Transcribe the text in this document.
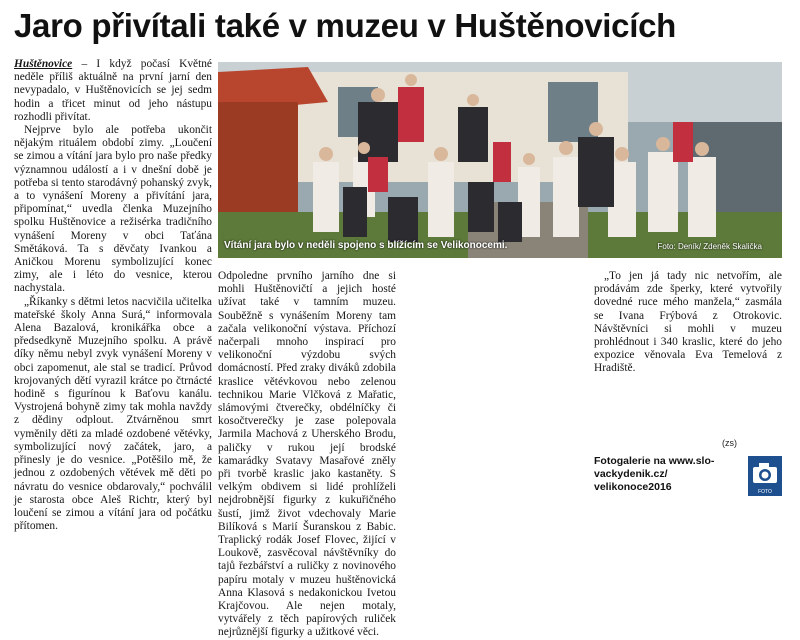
Jaro přivítali také v muzeu v Huštěnovicích

Huštěnovice – I když počasí Květné neděle příliš aktuálně na první jarní den nevypadalo, v Huštěnovicích se jej sedm hodin a třicet minut od jeho nástupu rozhodli přivítat.

Nejprve bylo ale potřeba ukončit nějakým rituálem období zimy. „Loučení se zimou a vítání jara bylo pro naše předky významnou událostí a i v dnešní době je potřeba si tento starodávný pohanský zvyk, a to vynášení Moreny a přivítání jara, připomínat,“ uvedla členka Muzejního spolku Huštěnovice a režisérka tradičního vynášení Moreny v obci Taťána Smětáková. Ta s děvčaty Ivankou a Aničkou Morenu symbolizující konec zimy, ale i léto do vesnice, kterou nachystala.

„Říkanky s dětmi letos nacvičila učitelka mateřské školy Anna Surá,“ informovala Alena Bazalová, kronikářka obce a předsedkyně Muzejního spolku. A právě díky němu nebyl zvyk vynášení Moreny v obci zapomenut, ale stal se tradicí. Průvod krojovaných dětí vyrazil krátce po čtrnácté hodině s figurínou k Baťovu kanálu. Vystrojená bohyně zimy tak mohla navždy z dědiny odplout. Ztvárněnou smrt vyměnily děti za mladé ozdobené větévky, symbolizující nový začátek, jaro, a přinesly je do vesnice. „Potěšilo mě, že jednou z ozdobených větévek mě děti po návratu do vesnice obdarovaly,“ pochválil je starosta obce Aleš Richtr, který byl loučení se zimou a vítání jara od počátku přítomen.

Vítání jara bylo v neděli spojeno s blížícím se Velikonocemi.	Foto: Deník/ Zdeněk Skalička

Odpoledne prvního jarního dne si mohli Huštěnovičtí a jejich hosté užívat také v tamním muzeu. Souběžně s vynášením Moreny tam začala velikonoční výstava. Příchozí načerpali mnoho inspirací pro velikonoční výzdobu svých domácností. Před zraky diváků zdobila kraslice větévkovou nebo zelenou technikou Marie Vlčková z Mařatic, slámovými čtverečky, obdélníčky či kosočtverečky je zase polepovala Jarmila Machová z Uherského Brodu, paličky v rukou její brodské kamarádky Svatavy Masařové zněly při tvorbě kraslic jako kastaněty. S velkým obdivem si lidé prohlíželi nejdrobnější figurky z kukuřičného šustí, jimž život vdechovaly Marie Bilíková s Marií Šuranskou z Babic. Traplický rodák Josef Flovec, žijící v Loukově, zasvěcoval návštěvníky do tajů řezbářství a ruličky z novinového papíru motaly v muzeu huštěnovická Anna Klasová s nedakonickou Ivetou Krajčovou. Ale nejen motaly, vytvářely z těch papírových ruliček nejrůznější figurky a užitkové věci.

„To jen já tady nic netvořím, ale prodávám zde šperky, které vytvořily dovedné ruce mého manžela,“ zasmála se Ivana Frýbová z Otrokovic. Návštěvníci si mohli v muzeu prohlédnout i 340 kraslic, které do jeho expozice věnovala Eva Temelová z Hradiště.

(zs)
Fotogalerie na www.slo-
vackydenik.cz/
velikonoce2016	FOTO
